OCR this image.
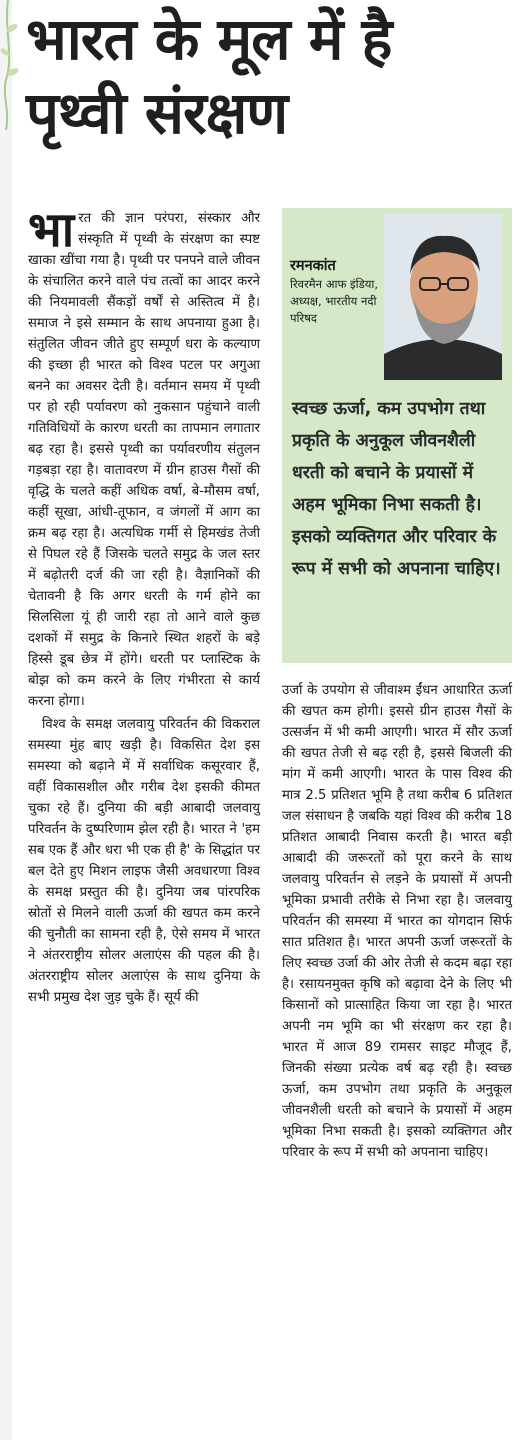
भारत के मूल में है
पृथ्वी संरक्षण

भारत की ज्ञान परंपरा, संस्कार और संस्कृति में पृथ्वी के संरक्षण का स्पष्ट खाका खींचा गया है। पृथ्वी पर पनपने वाले जीवन के संचालित करने वाले पंच तत्वों का आदर करने की नियमावली सैंकड़ों वर्षों से अस्तित्व में है। समाज ने इसे सम्मान के साथ अपनाया हुआ है। संतुलित जीवन जीते हुए सम्पूर्ण धरा के कल्याण की इच्छा ही भारत को विश्व पटल पर अगुआ बनने का अवसर देती है। वर्तमान समय में पृथ्वी पर हो रही पर्यावरण को नुकसान पहुंचाने वाली गतिविधियों के कारण धरती का तापमान लगातार बढ़ रहा है। इससे पृथ्वी का पर्यावरणीय संतुलन गड़बड़ा रहा है। वातावरण में ग्रीन हाउस गैसों की वृद्धि के चलते कहीं अधिक वर्षा, बे-मौसम वर्षा, कहीं सूखा, आंधी-तूफान, व जंगलों में आग का क्रम बढ़ रहा है। अत्यधिक गर्मी से हिमखंड तेजी से पिघल रहे हैं जिसके चलते समुद्र के जल स्तर में बढ़ोतरी दर्ज की जा रही है। वैज्ञानिकों की चेतावनी है कि अगर धरती के गर्म होने का सिलसिला यूं ही जारी रहा तो आने वाले कुछ दशकों में समुद्र के किनारे स्थित शहरों के बड़े हिस्से डूब छेत्र में होंगे। धरती पर प्लास्टिक के बोझ को कम करने के लिए गंभीरता से कार्य करना होगा।

विश्व के समक्ष जलवायु परिवर्तन की विकराल समस्या मुंह बाए खड़ी है। विकसित देश इस समस्या को बढ़ाने में में सर्वाधिक कसूरवार हैं, वहीं विकासशील और गरीब देश इसकी कीमत चुका रहे हैं। दुनिया की बड़ी आबादी जलवायु परिवर्तन के दुष्परिणाम झेल रही है। भारत ने 'हम सब एक हैं और धरा भी एक ही है' के सिद्धांत पर बल देते हुए मिशन लाइफ जैसी अवधारणा विश्व के समक्ष प्रस्तुत की है। दुनिया जब पांरपरिक स्रोतों से मिलने वाली ऊर्जा की खपत कम करने की चुनौती का सामना रही है, ऐसे समय में भारत ने अंतरराष्ट्रीय सोलर अलाएंस की पहल की है। अंतरराष्ट्रीय सोलर अलाएंस के साथ दुनिया के सभी प्रमुख देश जुड़ चुके हैं। सूर्य की

रमनकांत
रिवरमैन आफ इंडिया, अध्यक्ष, भारतीय नदी परिषद

स्वच्छ ऊर्जा, कम उपभोग तथा प्रकृति के अनुकूल जीवनशैली धरती को बचाने के प्रयासों में अहम भूमिका निभा सकती है। इसको व्यक्तिगत और परिवार के रूप में सभी को अपनाना चाहिए।

उर्जा के उपयोग से जीवाश्म ईंधन आधारित ऊर्जा की खपत कम होगी। इससे ग्रीन हाउस गैसों के उत्सर्जन में भी कमी आएगी। भारत में सौर ऊर्जा की खपत तेजी से बढ़ रही है, इससे बिजली की मांग में कमी आएगी। भारत के पास विश्व की मात्र 2.5 प्रतिशत भूमि है तथा करीब 6 प्रतिशत जल संसाधन है जबकि यहां विश्व की करीब 18 प्रतिशत आबादी निवास करती है। भारत बड़ी आबादी की जरूरतों को पूरा करने के साथ जलवायु परिवर्तन से लड़ने के प्रयासों में अपनी भूमिका प्रभावी तरीके से निभा रहा है। जलवायु परिवर्तन की समस्या में भारत का योगदान सिर्फ सात प्रतिशत है। भारत अपनी ऊर्जा जरूरतों के लिए स्वच्छ उर्जा की ओर तेजी से कदम बढ़ा रहा है। रसायनमुक्त कृषि को बढ़ावा देने के लिए भी किसानों को प्रात्साहित किया जा रहा है। भारत अपनी नम भूमि का भी संरक्षण कर रहा है। भारत में आज 89 रामसर साइट मौजूद हैं, जिनकी संख्या प्रत्येक वर्ष बढ़ रही है। स्वच्छ ऊर्जा, कम उपभोग तथा प्रकृति के अनुकूल जीवनशैली धरती को बचाने के प्रयासों में अहम भूमिका निभा सकती है। इसको व्यक्तिगत और परिवार के रूप में सभी को अपनाना चाहिए।
